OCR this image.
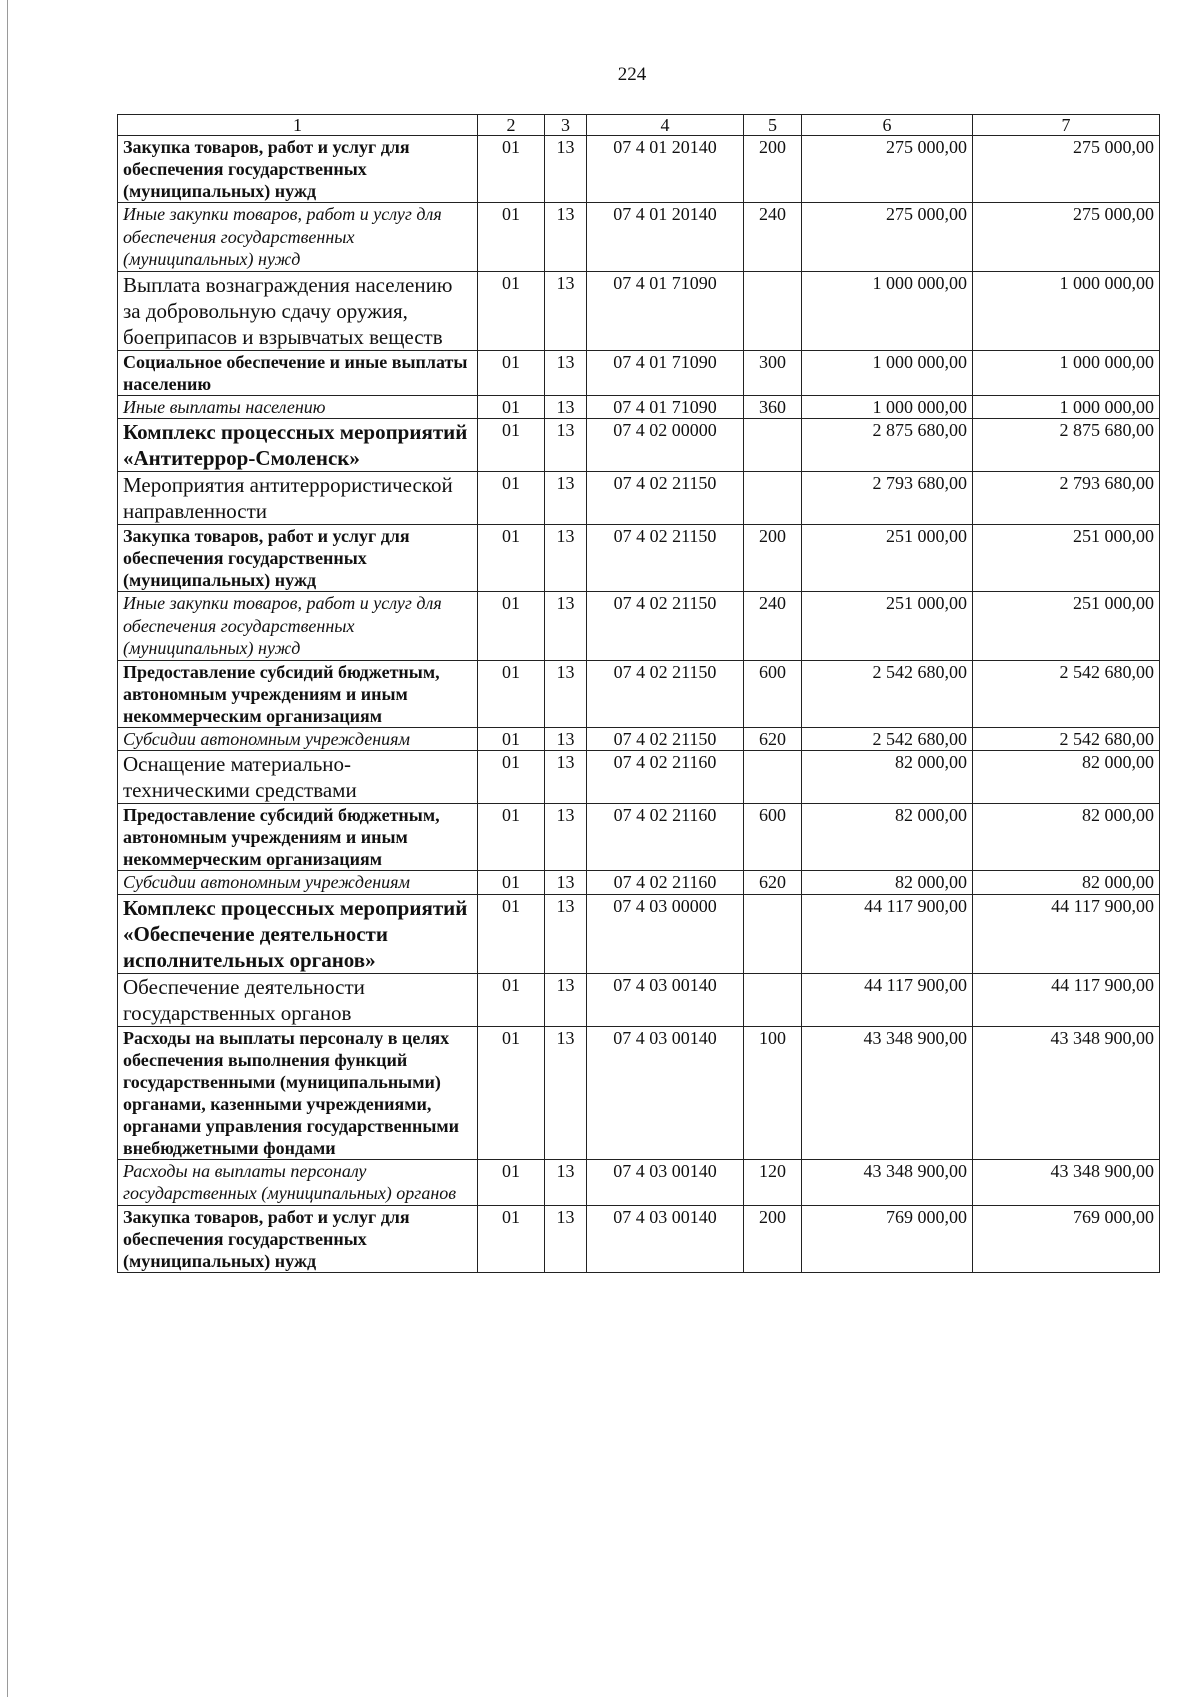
224
1	2	3	4	5	6	7
Закупка товаров, работ и услуг для обеспечения государственных (муниципальных) нужд	01	13	07 4 01 20140	200	275 000,00	275 000,00
Иные закупки товаров, работ и услуг для обеспечения государственных (муниципальных) нужд	01	13	07 4 01 20140	240	275 000,00	275 000,00
Выплата вознаграждения населению за добровольную сдачу оружия, боеприпасов и взрывчатых веществ	01	13	07 4 01 71090		1 000 000,00	1 000 000,00
Социальное обеспечение и иные выплаты населению	01	13	07 4 01 71090	300	1 000 000,00	1 000 000,00
Иные выплаты населению	01	13	07 4 01 71090	360	1 000 000,00	1 000 000,00
Комплекс процессных мероприятий «Антитеррор-Смоленск»	01	13	07 4 02 00000		2 875 680,00	2 875 680,00
Мероприятия антитеррористической направленности	01	13	07 4 02 21150		2 793 680,00	2 793 680,00
Закупка товаров, работ и услуг для обеспечения государственных (муниципальных) нужд	01	13	07 4 02 21150	200	251 000,00	251 000,00
Иные закупки товаров, работ и услуг для обеспечения государственных (муниципальных) нужд	01	13	07 4 02 21150	240	251 000,00	251 000,00
Предоставление субсидий бюджетным, автономным учреждениям и иным некоммерческим организациям	01	13	07 4 02 21150	600	2 542 680,00	2 542 680,00
Субсидии автономным учреждениям	01	13	07 4 02 21150	620	2 542 680,00	2 542 680,00
Оснащение материально-техническими средствами	01	13	07 4 02 21160		82 000,00	82 000,00
Предоставление субсидий бюджетным, автономным учреждениям и иным некоммерческим организациям	01	13	07 4 02 21160	600	82 000,00	82 000,00
Субсидии автономным учреждениям	01	13	07 4 02 21160	620	82 000,00	82 000,00
Комплекс процессных мероприятий «Обеспечение деятельности исполнительных органов»	01	13	07 4 03 00000		44 117 900,00	44 117 900,00
Обеспечение деятельности государственных органов	01	13	07 4 03 00140		44 117 900,00	44 117 900,00
Расходы на выплаты персоналу в целях обеспечения выполнения функций государственными (муниципальными) органами, казенными учреждениями, органами управления государственными внебюджетными фондами	01	13	07 4 03 00140	100	43 348 900,00	43 348 900,00
Расходы на выплаты персоналу государственных (муниципальных) органов	01	13	07 4 03 00140	120	43 348 900,00	43 348 900,00
Закупка товаров, работ и услуг для обеспечения государственных (муниципальных) нужд	01	13	07 4 03 00140	200	769 000,00	769 000,00
